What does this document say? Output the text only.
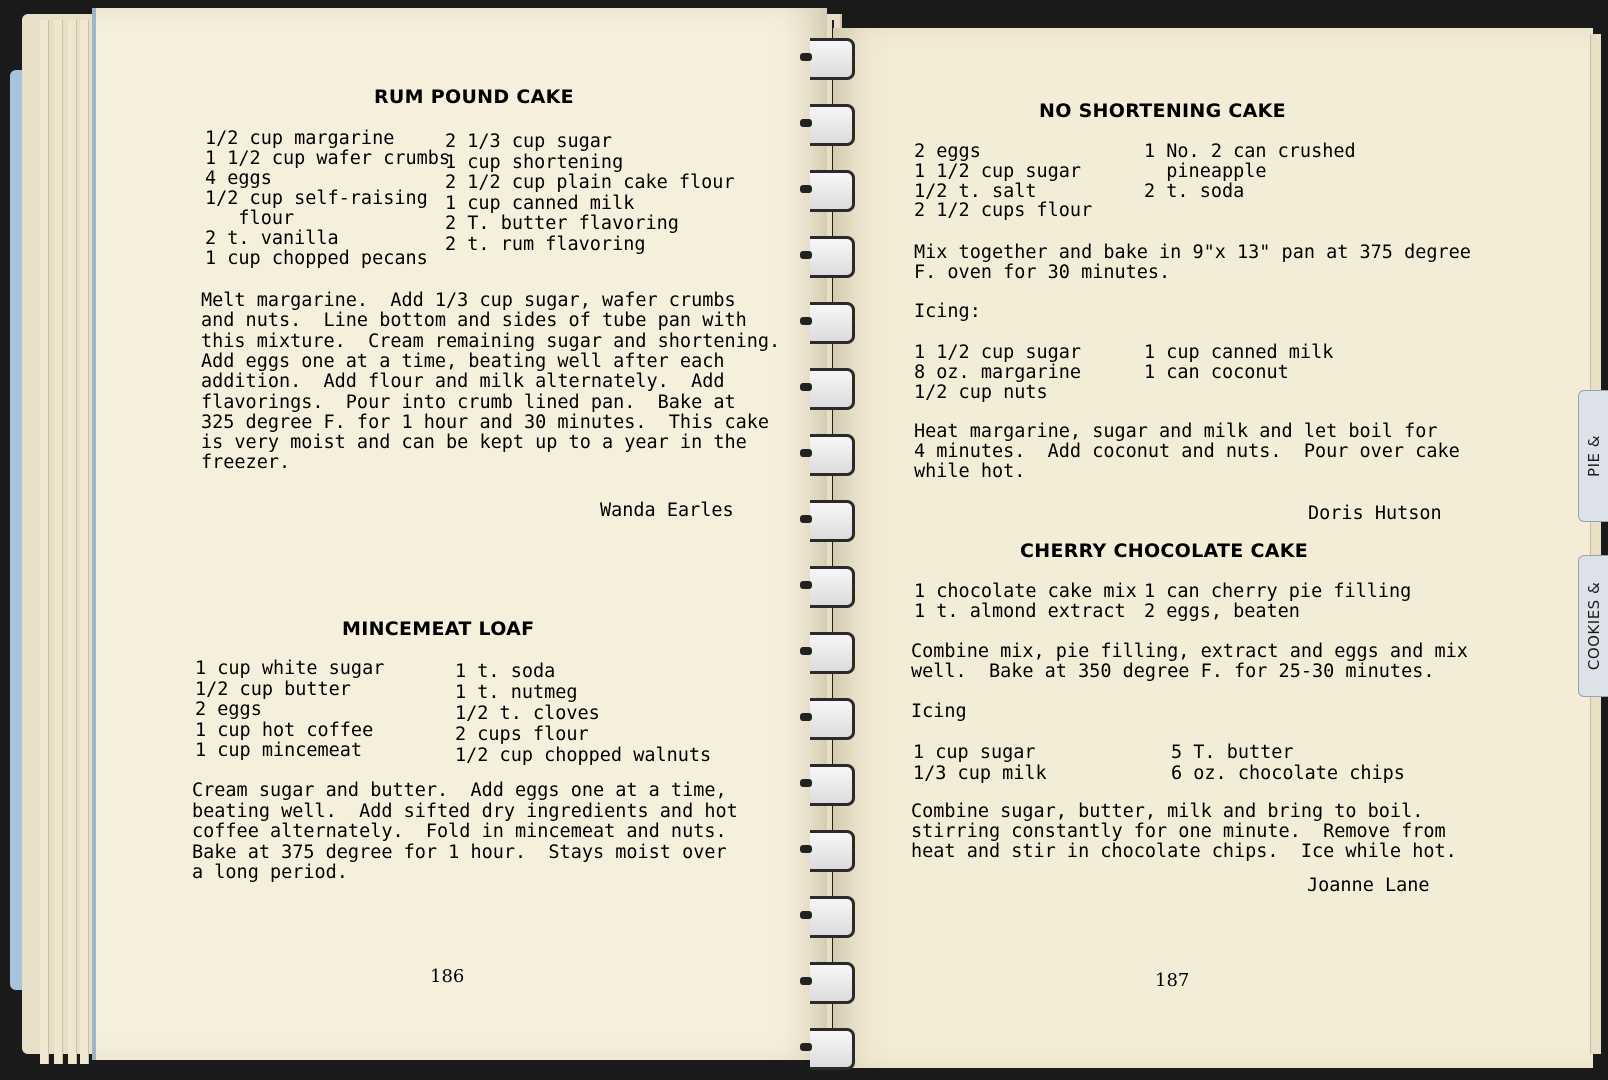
RUM POUND CAKE
1/2 cup margarine
1 1/2 cup wafer crumbs
4 eggs
1/2 cup self-raising
flour
2 t. vanilla
1 cup chopped pecans
2 1/3 cup sugar
1 cup shortening
2 1/2 cup plain cake flour
1 cup canned milk
2 T. butter flavoring
2 t. rum flavoring
Melt margarine.  Add 1/3 cup sugar, wafer crumbs
and nuts.  Line bottom and sides of tube pan with
this mixture.  Cream remaining sugar and shortening.
Add eggs one at a time, beating well after each
addition.  Add flour and milk alternately.  Add
flavorings.  Pour into crumb lined pan.  Bake at
325 degree F. for 1 hour and 30 minutes.  This cake
is very moist and can be kept up to a year in the
freezer.
Wanda Earles
MINCEMEAT LOAF
1 cup white sugar
1/2 cup butter
2 eggs
1 cup hot coffee
1 cup mincemeat
1 t. soda
1 t. nutmeg
1/2 t. cloves
2 cups flour
1/2 cup chopped walnuts
Cream sugar and butter.  Add eggs one at a time,
beating well.  Add sifted dry ingredients and hot
coffee alternately.  Fold in mincemeat and nuts.
Bake at 375 degree for 1 hour.  Stays moist over
a long period.
186
NO SHORTENING CAKE
2 eggs
1 1/2 cup sugar
1/2 t. salt
2 1/2 cups flour
1 No. 2 can crushed
pineapple
2 t. soda
Mix together and bake in 9"x 13" pan at 375 degree
F. oven for 30 minutes.
Icing:
1 1/2 cup sugar
8 oz. margarine
1/2 cup nuts
1 cup canned milk
1 can coconut
Heat margarine, sugar and milk and let boil for
4 minutes.  Add coconut and nuts.  Pour over cake
while hot.
Doris Hutson
CHERRY CHOCOLATE CAKE
1 chocolate cake mix
1 t. almond extract
1 can cherry pie filling
2 eggs, beaten
Combine mix, pie filling, extract and eggs and mix
well.  Bake at 350 degree F. for 25-30 minutes.
Icing
1 cup sugar
1/3 cup milk
5 T. butter
6 oz. chocolate chips
Combine sugar, butter, milk and bring to boil.
stirring constantly for one minute.  Remove from
heat and stir in chocolate chips.  Ice while hot.
Joanne Lane
187
PIE &
COOKIES &
